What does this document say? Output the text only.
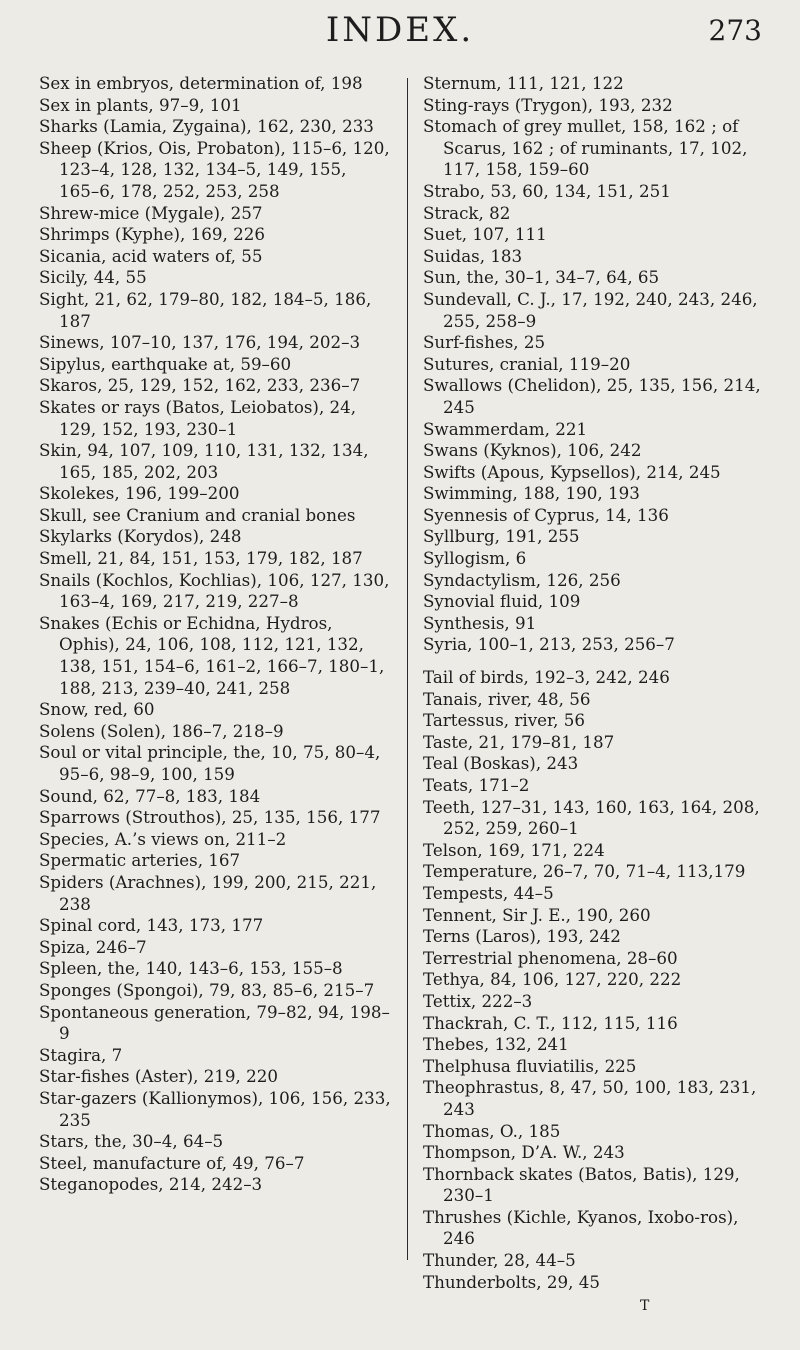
INDEX.	273

Sex in embryos, determination of, 198

Sex in plants, 97–9, 101

Sharks (Lamia, Zygaina), 162, 230, 233

Sheep (Krios, Ois, Probaton), 115–6, 120, 123–4, 128, 132, 134–5, 149, 155, 165–6, 178, 252, 253, 258

Shrew-mice (Mygale), 257

Shrimps (Kyphe), 169, 226

Sicania, acid waters of, 55

Sicily, 44, 55

Sight, 21, 62, 179–80, 182, 184–5, 186, 187

Sinews, 107–10, 137, 176, 194, 202–3

Sipylus, earthquake at, 59–60

Skaros, 25, 129, 152, 162, 233, 236–7

Skates or rays (Batos, Leiobatos), 24, 129, 152, 193, 230–1

Skin, 94, 107, 109, 110, 131, 132, 134, 165, 185, 202, 203

Skolekes, 196, 199–200

Skull, see Cranium and cranial bones

Skylarks (Korydos), 248

Smell, 21, 84, 151, 153, 179, 182, 187

Snails (Kochlos, Kochlias), 106, 127, 130, 163–4, 169, 217, 219, 227–8

Snakes (Echis or Echidna, Hydros, Ophis), 24, 106, 108, 112, 121, 132, 138, 151, 154–6, 161–2, 166–7, 180–1, 188, 213, 239–40, 241, 258

Snow, red, 60

Solens (Solen), 186–7, 218–9

Soul or vital principle, the, 10, 75, 80–4, 95–6, 98–9, 100, 159

Sound, 62, 77–8, 183, 184

Sparrows (Strouthos), 25, 135, 156, 177

Species, A.’s views on, 211–2

Spermatic arteries, 167

Spiders (Arachnes), 199, 200, 215, 221, 238

Spinal cord, 143, 173, 177

Spiza, 246–7

Spleen, the, 140, 143–6, 153, 155–8

Sponges (Spongoi), 79, 83, 85–6, 215–7

Spontaneous generation, 79–82, 94, 198–9

Stagira, 7

Star-fishes (Aster), 219, 220

Star-gazers (Kallionymos), 106, 156, 233, 235

Stars, the, 30–4, 64–5

Steel, manufacture of, 49, 76–7

Steganopodes, 214, 242–3

Sternum, 111, 121, 122

Sting-rays (Trygon), 193, 232

Stomach of grey mullet, 158, 162 ; of Scarus, 162 ; of ruminants, 17, 102, 117, 158, 159–60

Strabo, 53, 60, 134, 151, 251

Strack, 82

Suet, 107, 111

Suidas, 183

Sun, the, 30–1, 34–7, 64, 65

Sundevall, C. J., 17, 192, 240, 243, 246, 255, 258–9

Surf-fishes, 25

Sutures, cranial, 119–20

Swallows (Chelidon), 25, 135, 156, 214, 245

Swammerdam, 221

Swans (Kyknos), 106, 242

Swifts (Apous, Kypsellos), 214, 245

Swimming, 188, 190, 193

Syennesis of Cyprus, 14, 136

Syllburg, 191, 255

Syllogism, 6

Syndactylism, 126, 256

Synovial fluid, 109

Synthesis, 91

Syria, 100–1, 213, 253, 256–7

Tail of birds, 192–3, 242, 246

Tanais, river, 48, 56

Tartessus, river, 56

Taste, 21, 179–81, 187

Teal (Boskas), 243

Teats, 171–2

Teeth, 127–31, 143, 160, 163, 164, 208, 252, 259, 260–1

Telson, 169, 171, 224

Temperature, 26–7, 70, 71–4, 113,179

Tempests, 44–5

Tennent, Sir J. E., 190, 260

Terns (Laros), 193, 242

Terrestrial phenomena, 28–60

Tethya, 84, 106, 127, 220, 222

Tettix, 222–3

Thackrah, C. T., 112, 115, 116

Thebes, 132, 241

Thelphusa fluviatilis, 225

Theophrastus, 8, 47, 50, 100, 183, 231, 243

Thomas, O., 185

Thompson, D’A. W., 243

Thornback skates (Batos, Batis), 129, 230–1

Thrushes (Kichle, Kyanos, Ixobo-ros), 246

Thunder, 28, 44–5

Thunderbolts, 29, 45

T
